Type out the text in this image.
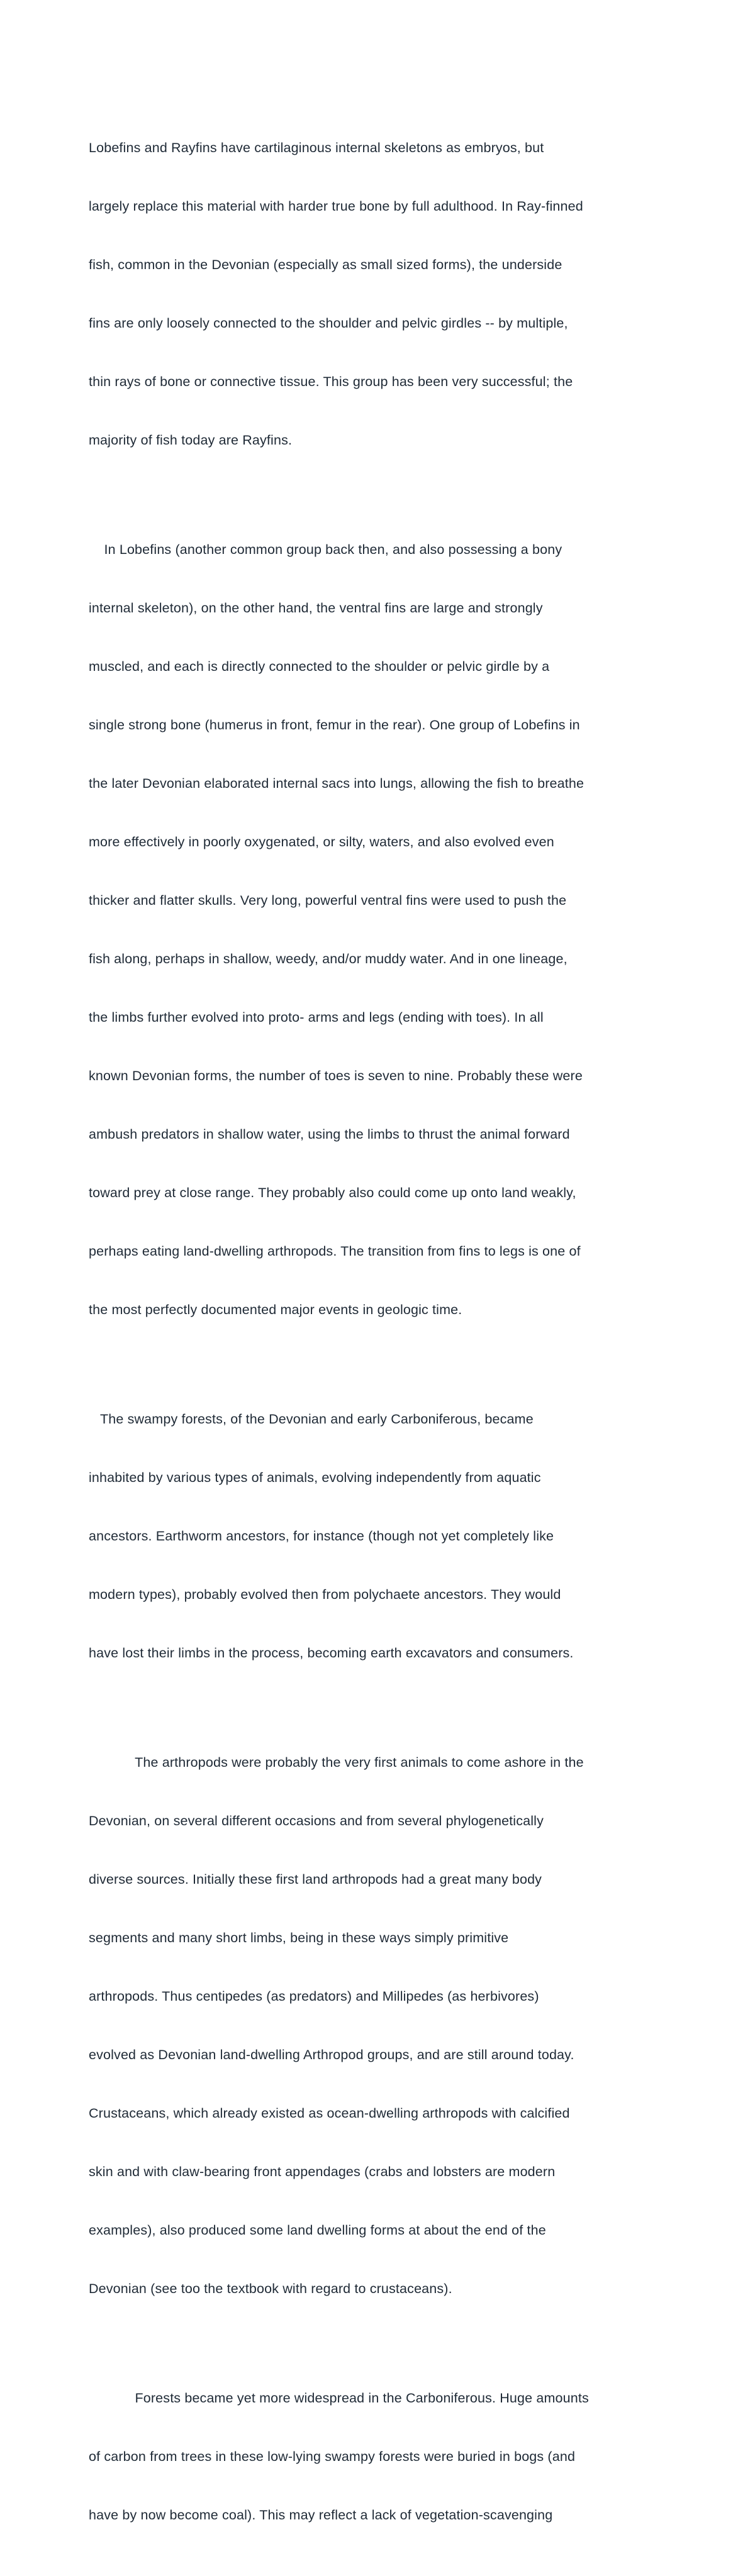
Lobefins and Rayfins have cartilaginous internal skeletons as embryos, but

largely replace this material with harder true bone by full adulthood. In Ray-finned

fish, common in the Devonian (especially as small sized forms), the underside

fins are only loosely connected to the shoulder and pelvic girdles -- by multiple,

thin rays of bone or connective tissue. This group has been very successful; the

majority of fish today are Rayfins.

In Lobefins (another common group back then, and also possessing a bony

internal skeleton), on the other hand, the ventral fins are large and strongly

muscled, and each is directly connected to the shoulder or pelvic girdle by a

single strong bone (humerus in front, femur in the rear). One group of Lobefins in

the later Devonian elaborated internal sacs into lungs, allowing the fish to breathe

more effectively in poorly oxygenated, or silty, waters, and also evolved even

thicker and flatter skulls. Very long, powerful ventral fins were used to push the

fish along, perhaps in shallow, weedy, and/or muddy water. And in one lineage,

the limbs further evolved into proto- arms and legs (ending with toes). In all

known Devonian forms, the number of toes is seven to nine. Probably these were

ambush predators in shallow water, using the limbs to thrust the animal forward

toward prey at close range. They probably also could come up onto land weakly,

perhaps eating land-dwelling arthropods. The transition from fins to legs is one of

the most perfectly documented major events in geologic time.

The swampy forests, of the Devonian and early Carboniferous, became

inhabited by various types of animals, evolving independently from aquatic

ancestors. Earthworm ancestors, for instance (though not yet completely like

modern types), probably evolved then from polychaete ancestors. They would

have lost their limbs in the process, becoming earth excavators and consumers.

The arthropods were probably the very first animals to come ashore in the

Devonian, on several different occasions and from several phylogenetically

diverse sources. Initially these first land arthropods had a great many body

segments and many short limbs, being in these ways simply primitive

arthropods. Thus centipedes (as predators) and Millipedes (as herbivores)

evolved as Devonian land-dwelling Arthropod groups, and are still around today.

Crustaceans, which already existed as ocean-dwelling arthropods with calcified

skin and with claw-bearing front appendages (crabs and lobsters are modern

examples), also produced some land dwelling forms at about the end of the

Devonian (see too the textbook with regard to crustaceans).

Forests became yet more widespread in the Carboniferous. Huge amounts

of carbon from trees in these low-lying swampy forests were buried in bogs (and

have by now become coal). This may reflect a lack of vegetation-scavenging
